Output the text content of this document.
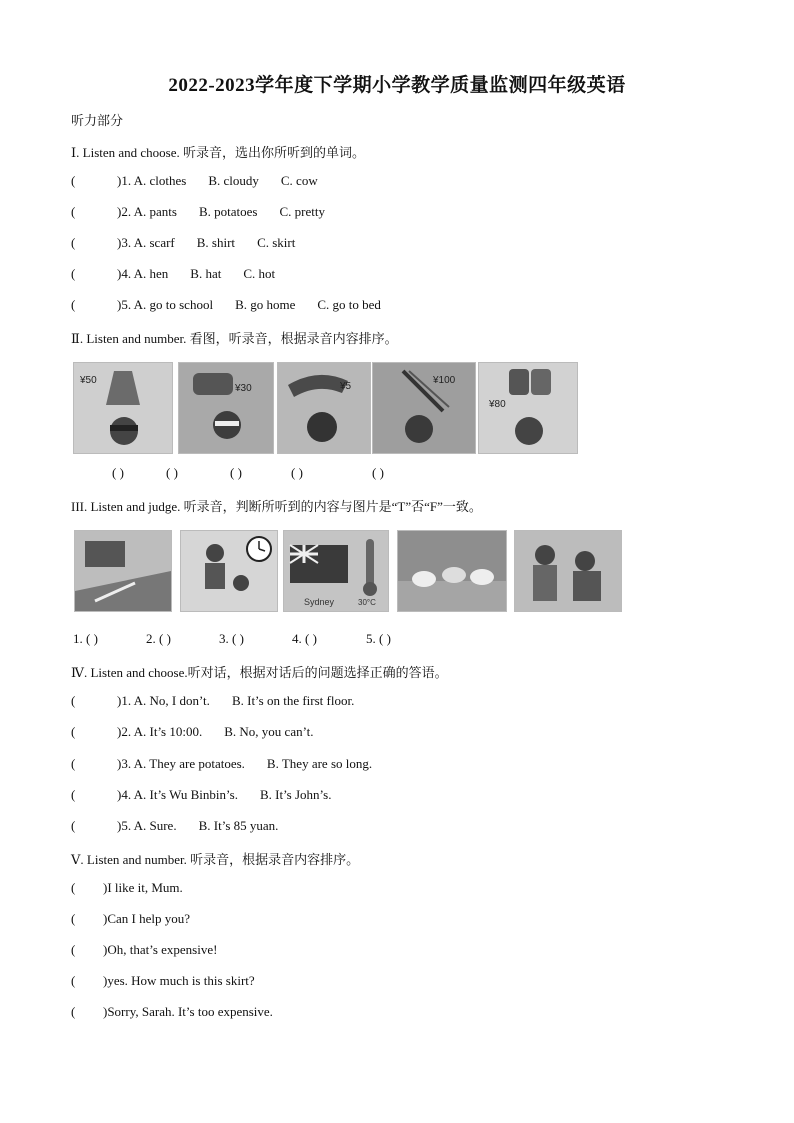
2022-2023学年度下学期小学教学质量监测四年级英语
听力部分
Ⅰ. Listen and choose. 听录音，选出你所听到的单词。
(	)1. A. clothes B. cloudy C. cow
(	)2. A. pants B. potatoes C. pretty
(	)3. A. scarf B. shirt C. skirt
(	)4. A. hen B. hat C. hot
(	)5. A. go to school B. go home C. go to bed
Ⅱ. Listen and number. 看图，听录音，根据录音内容排序。
¥50
¥30	¥5
¥100
¥80
( )	( )	( )	( )	( )
III. Listen and judge. 听录音，判断所听到的内容与图片是“T”否“F”一致。
Sydney	30°C
1. ( )	2. ( )	3. ( )	4. ( )	5. ( )
Ⅳ. Listen and choose.听对话，根据对话后的问题选择正确的答语。
(	)1. A. No, I don’t. B. It’s on the first floor.
(	)2. A. It’s 10:00. B. No, you can’t.
(	)3. A. They are potatoes. B. They are so long.
(	)4. A. It’s Wu Binbin’s. B. It’s John’s.
(	)5. A. Sure. B. It’s 85 yuan.
Ⅴ. Listen and number. 听录音，根据录音内容排序。
( )I like it, Mum.
( )Can I help you?
( )Oh, that’s expensive!
( )yes. How much is this skirt?
( )Sorry, Sarah. It’s too expensive.
